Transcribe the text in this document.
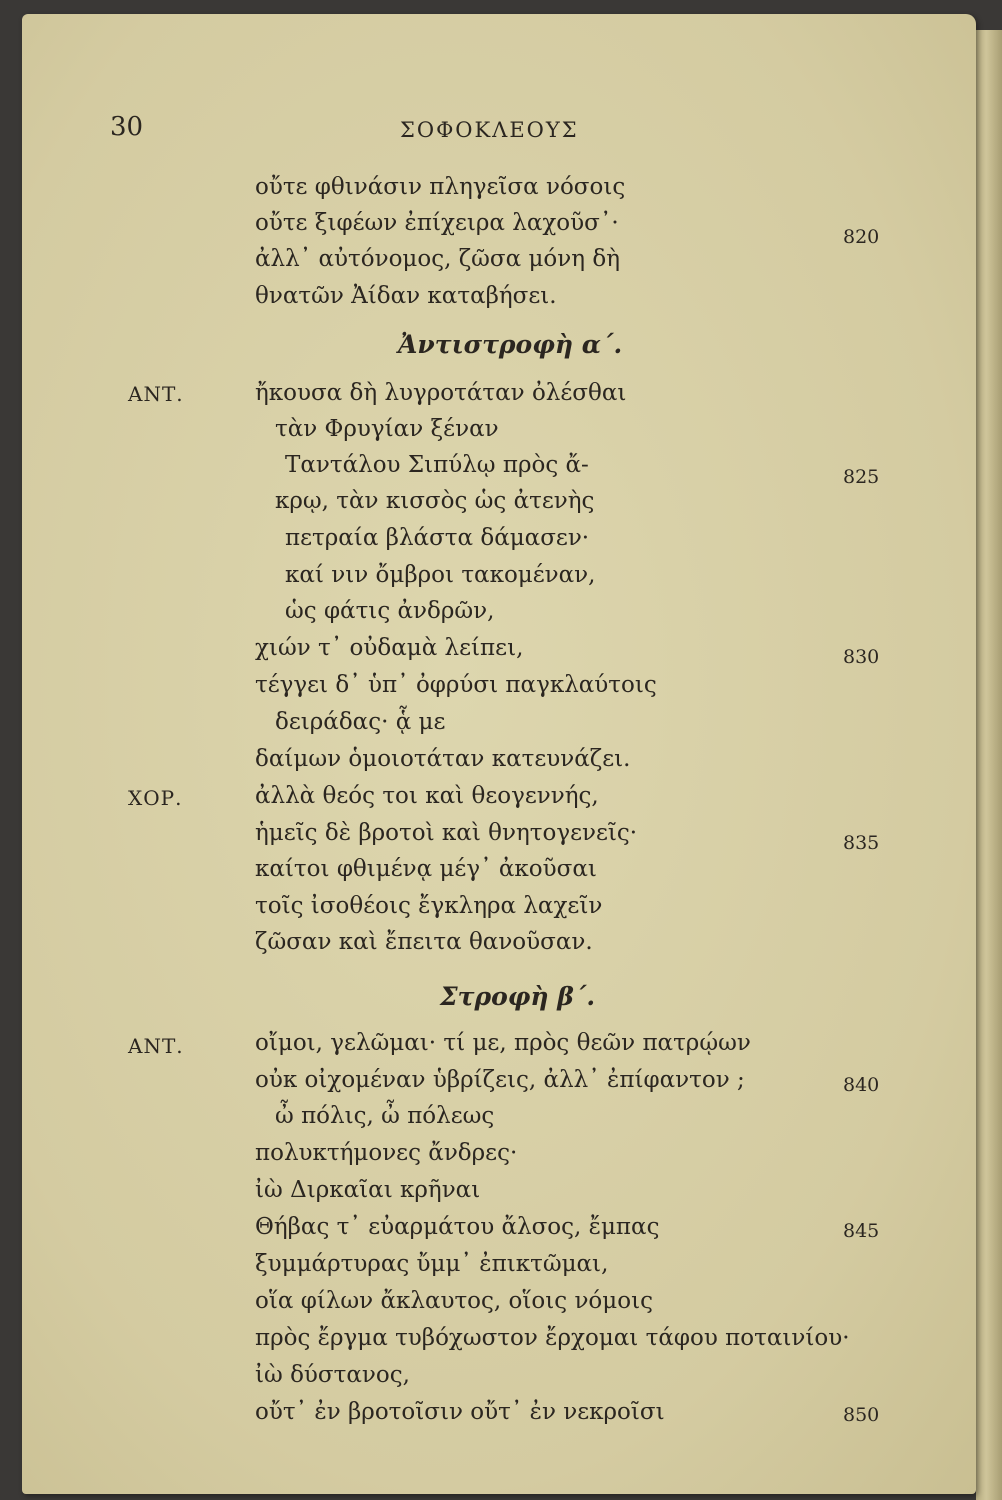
30	ΣΟΦΟΚΛΕΟΥΣ
οὔτε φθινάσιν πληγεῖσα νόσοις
οὔτε ξιφέων ἐπίχειρα λαχοῦσ᾽·
ἀλλ᾽ αὐτόνομος, ζῶσα μόνη δὴ
θνατῶν Ἀίδαν καταβήσει.
820
Ἀντιστροφὴ α΄.
ΑΝΤ.	ἤκουσα δὴ λυγροτάταν ὀλέσθαι
τὰν Φρυγίαν ξέναν
Ταντάλου Σιπύλῳ πρὸς ἄ-	825
κρῳ, τὰν κισσὸς ὡς ἀτενὴς
πετραία βλάστα δάμασεν·
καί νιν ὄμβροι τακομέναν,
ὡς φάτις ἀνδρῶν,
χιών τ᾽ οὐδαμὰ λείπει,	830
τέγγει δ᾽ ὑπ᾽ ὀφρύσι παγκλαύτοις
δειράδας· ᾇ με
δαίμων ὁμοιοτάταν κατευνάζει.
ΧΟΡ.	ἀλλὰ θεός τοι καὶ θεογεννής,
ἡμεῖς δὲ βροτοὶ καὶ θνητογενεῖς·	835
καίτοι φθιμένᾳ μέγ᾽ ἀκοῦσαι
τοῖς ἰσοθέοις ἔγκληρα λαχεῖν
ζῶσαν καὶ ἔπειτα θανοῦσαν.
Στροφὴ β΄.
ΑΝΤ.	οἴμοι, γελῶμαι· τί με, πρὸς θεῶν πατρῴων
οὐκ οἰχομέναν ὑβρίζεις, ἀλλ᾽ ἐπίφαντον ;	840
ὦ πόλις, ὦ πόλεως
πολυκτήμονες ἄνδρες·
ἰὼ Διρκαῖαι κρῆναι
Θήβας τ᾽ εὐαρμάτου ἄλσος, ἔμπας	845
ξυμμάρτυρας ὔμμ᾽ ἐπικτῶμαι,
οἵα φίλων ἄκλαυτος, οἵοις νόμοις
πρὸς ἔργμα τυβόχωστον ἔρχομαι τάφου ποταινίου·
ἰὼ δύστανος,
οὔτ᾽ ἐν βροτοῖσιν οὔτ᾽ ἐν νεκροῖσι	850
